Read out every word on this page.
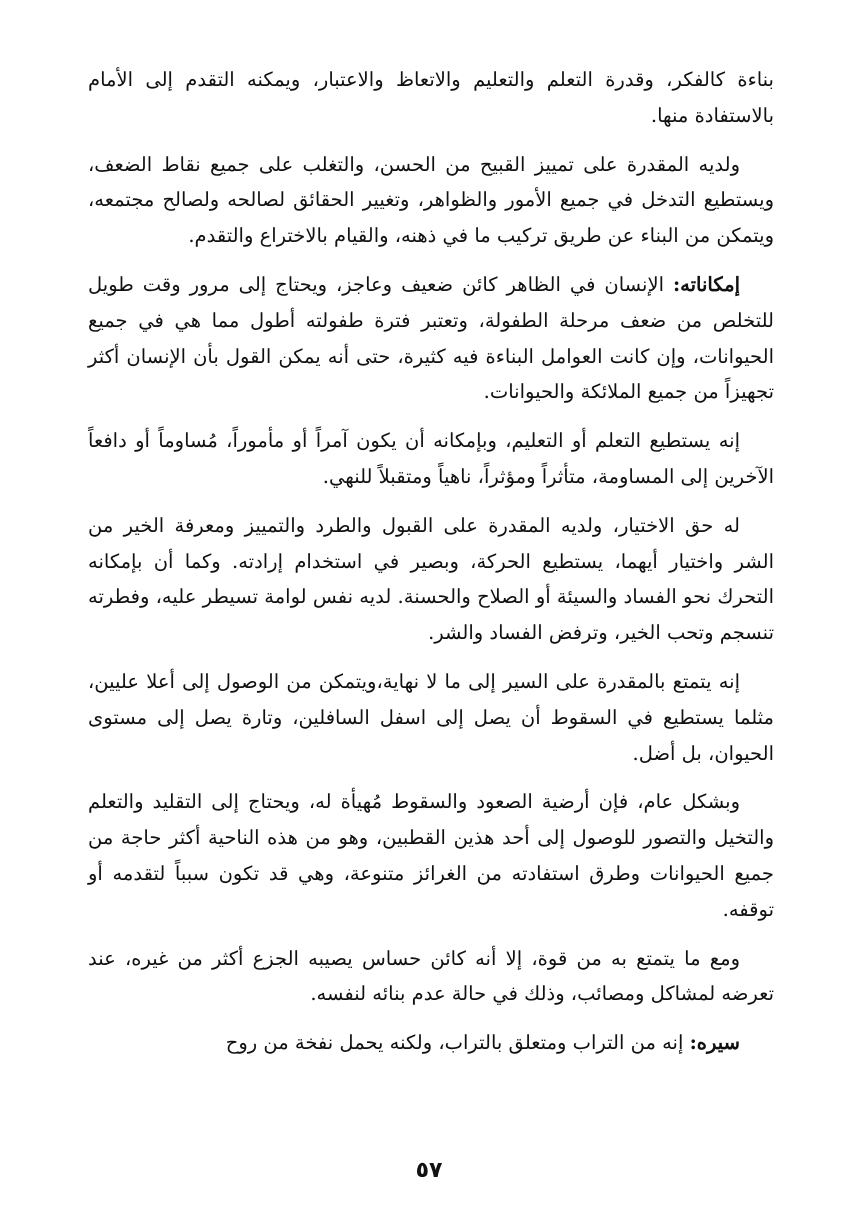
بناءة كالفكر، وقدرة التعلم والتعليم والاتعاظ والاعتبار، ويمكنه التقدم إلى الأمام بالاستفادة منها.

ولديه المقدرة على تمييز القبيح من الحسن، والتغلب على جميع نقاط الضعف، ويستطيع التدخل في جميع الأمور والظواهر، وتغيير الحقائق لصالحه ولصالح مجتمعه، ويتمكن من البناء عن طريق تركيب ما في ذهنه، والقيام بالاختراع والتقدم.

إمكاناته: الإنسان في الظاهر كائن ضعيف وعاجز، ويحتاج إلى مرور وقت طويل للتخلص من ضعف مرحلة الطفولة، وتعتبر فترة طفولته أطول مما هي في جميع الحيوانات، وإن كانت العوامل البناءة فيه كثيرة، حتى أنه يمكن القول بأن الإنسان أكثر تجهيزاً من جميع الملائكة والحيوانات.

إنه يستطيع التعلم أو التعليم، وبإمكانه أن يكون آمراً أو مأموراً، مُساوماً أو دافعاً الآخرين إلى المساومة، متأثراً ومؤثراً، ناهياً ومتقبلاً للنهي.

له حق الاختيار، ولديه المقدرة على القبول والطرد والتمييز ومعرفة الخير من الشر واختيار أيهما، يستطيع الحركة، وبصير في استخدام إرادته. وكما أن بإمكانه التحرك نحو الفساد والسيئة أو الصلاح والحسنة. لديه نفس لوامة تسيطر عليه، وفطرته تنسجم وتحب الخير، وترفض الفساد والشر.

إنه يتمتع بالمقدرة على السير إلى ما لا نهاية،ويتمكن من الوصول إلى أعلا عليين، مثلما يستطيع في السقوط أن يصل إلى اسفل السافلين، وتارة يصل إلى مستوى الحيوان، بل أضل.

وبشكل عام، فإن أرضية الصعود والسقوط مُهيأة له، ويحتاج إلى التقليد والتعلم والتخيل والتصور للوصول إلى أحد هذين القطبين، وهو من هذه الناحية أكثر حاجة من جميع الحيوانات وطرق استفادته من الغرائز متنوعة، وهي قد تكون سبباً لتقدمه أو توقفه.

ومع ما يتمتع به من قوة، إلا أنه كائن حساس يصيبه الجزع أكثر من غيره، عند تعرضه لمشاكل ومصائب، وذلك في حالة عدم بنائه لنفسه.

سيره: إنه من التراب ومتعلق بالتراب، ولكنه يحمل نفخة من روح

٥٧
